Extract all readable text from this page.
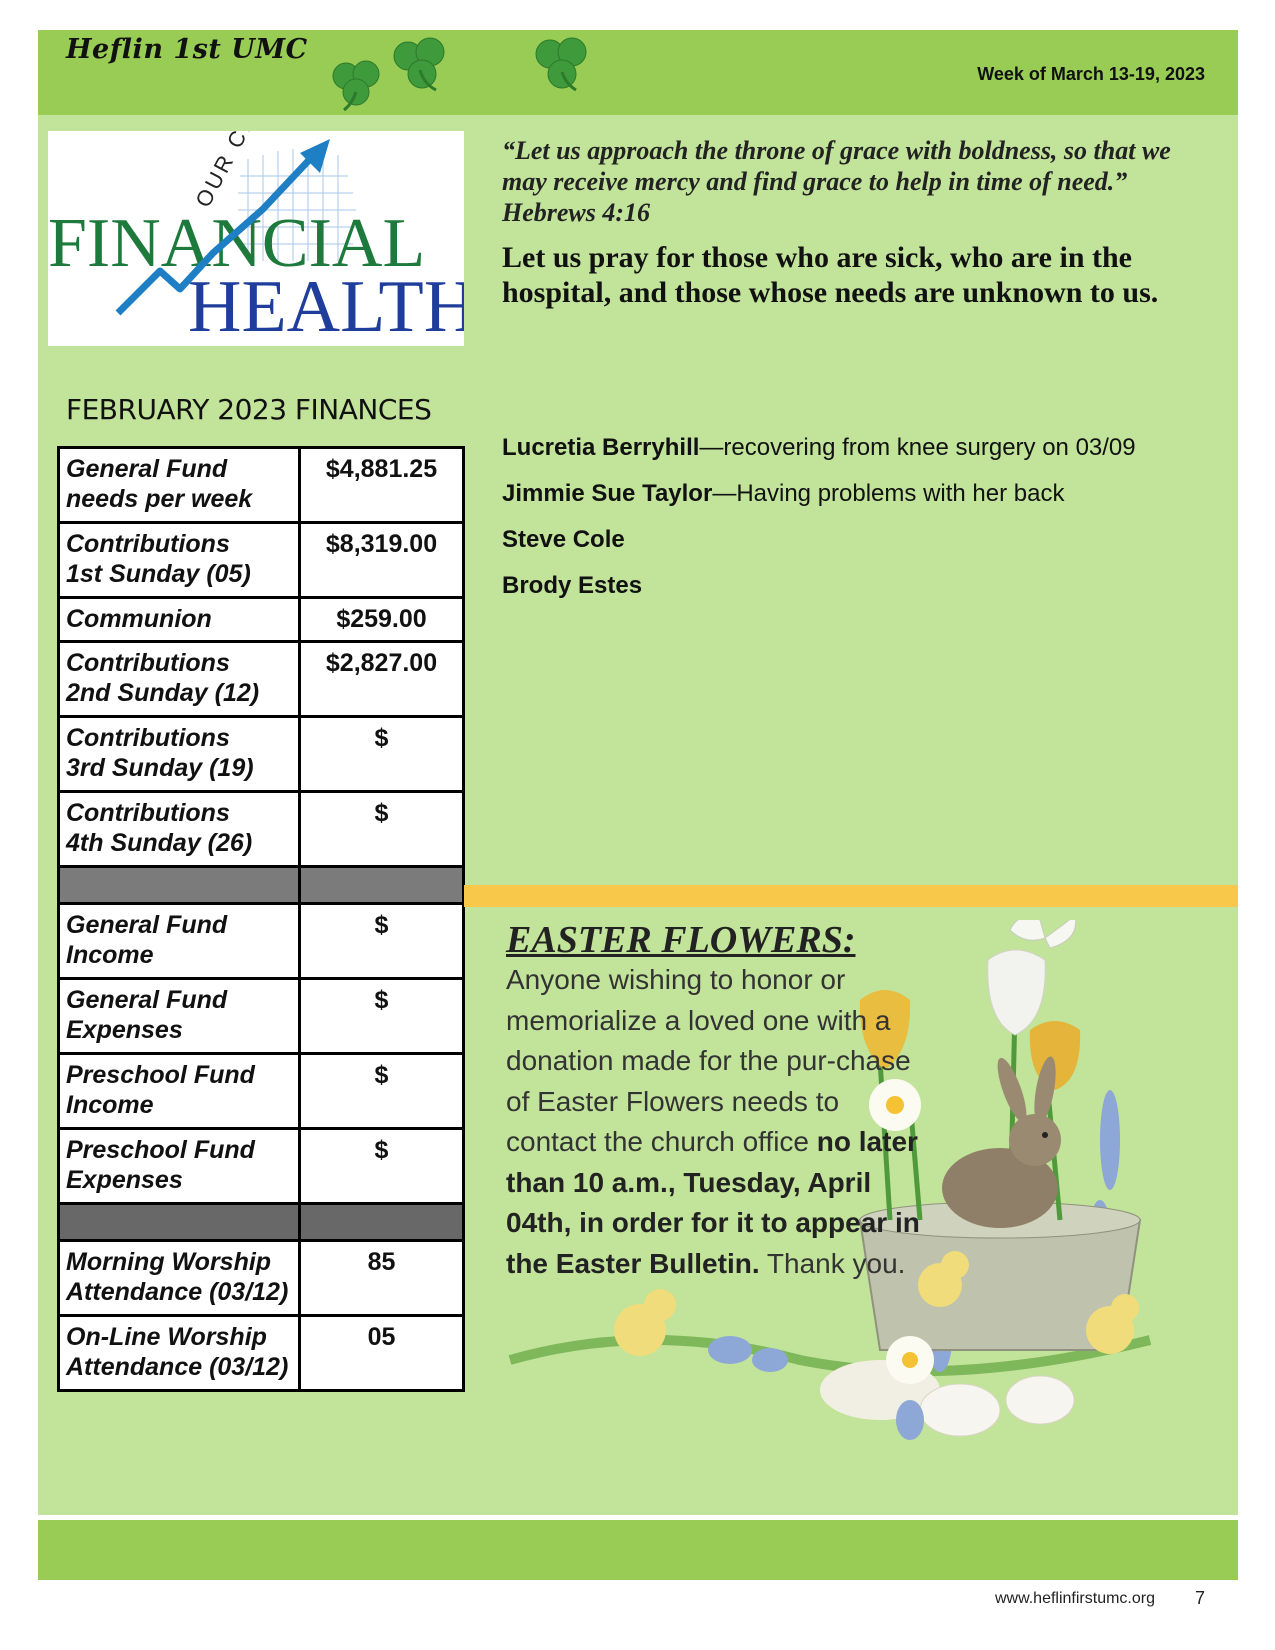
Heflin 1st UMC
Week of March 13-19, 2023
FINANCIAL
HEALTH
“Let us approach the throne of grace with boldness, so that we may receive mercy and find grace to help in time of need.” Hebrews 4:16
Let us pray for those who are sick, who are in the hospital, and those whose needs are unknown to us.
FEBRUARY 2023 FINANCES
General Fund
needs per week	$4,881.25
Contributions
1st Sunday (05)	$8,319.00
Communion	$259.00
Contributions
2nd Sunday (12)	$2,827.00
Contributions
3rd Sunday (19)	$
Contributions
4th Sunday (26)	$

General Fund
Income	$
General Fund
Expenses	$
Preschool Fund
Income	$
Preschool Fund
Expenses	$

Morning Worship
Attendance (03/12)	85
On-Line Worship
Attendance (03/12)	05
Lucretia Berryhill—recovering from knee surgery on 03/09
Jimmie Sue Taylor—Having problems with her back
Steve Cole
Brody Estes
EASTER FLOWERS:
Anyone wishing to honor or memorialize a loved one with a donation made for the pur-chase of Easter Flowers needs to contact the church office no later than 10 a.m., Tuesday, April 04th, in order for it to appear in the Easter Bulletin. Thank you.
www.heflinfirstumc.org 7
